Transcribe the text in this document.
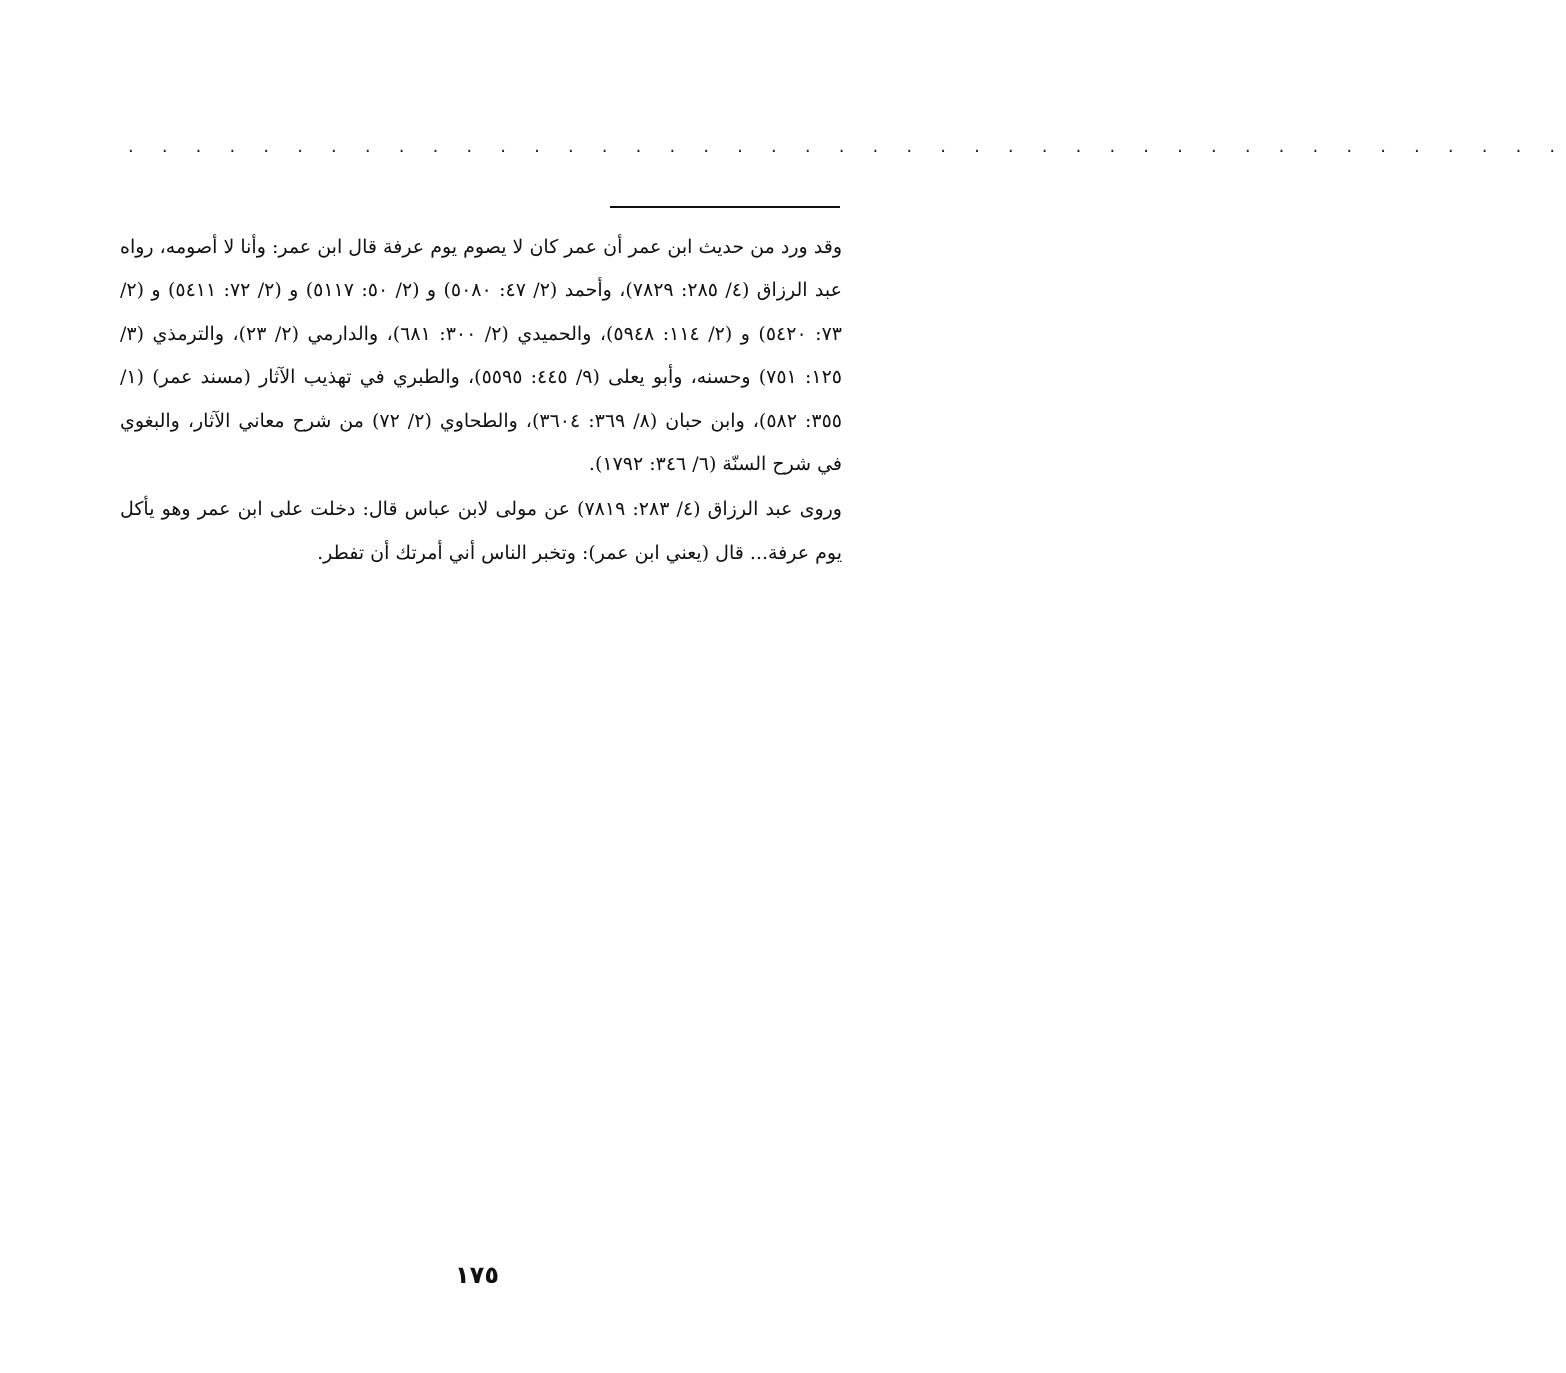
· · · · · · · · · · · · · · · · · · · · · · · · · · · · · · · · · · · · · · · · · · ·

وقد ورد من حديث ابن عمر أن عمر كان لا يصوم يوم عرفة قال ابن عمر: وأنا لا أصومه، رواه عبد الرزاق (٤/ ٢٨٥: ٧٨٢٩)، وأحمد (٢/ ٤٧: ٥٠٨٠) و (٢/ ٥٠: ٥١١٧) و (٢/ ٧٢: ٥٤١١) و (٢/ ٧٣: ٥٤٢٠) و (٢/ ١١٤: ٥٩٤٨)، والحميدي (٢/ ٣٠٠: ٦٨١)، والدارمي (٢/ ٢٣)، والترمذي (٣/ ١٢٥: ٧٥١) وحسنه، وأبو يعلى (٩/ ٤٤٥: ٥٥٩٥)، والطبري في تهذيب الآثار (مسند عمر) (١/ ٣٥٥: ٥٨٢)، وابن حبان (٨/ ٣٦٩: ٣٦٠٤)، والطحاوي (٢/ ٧٢) من شرح معاني الآثار، والبغوي في شرح السنّة (٦/ ٣٤٦: ١٧٩٢).

وروى عبد الرزاق (٤/ ٢٨٣: ٧٨١٩) عن مولى لابن عباس قال: دخلت على ابن عمر وهو يأكل يوم عرفة... قال (يعني ابن عمر): وتخبر الناس أني أمرتك أن تفطر.

١٧٥
